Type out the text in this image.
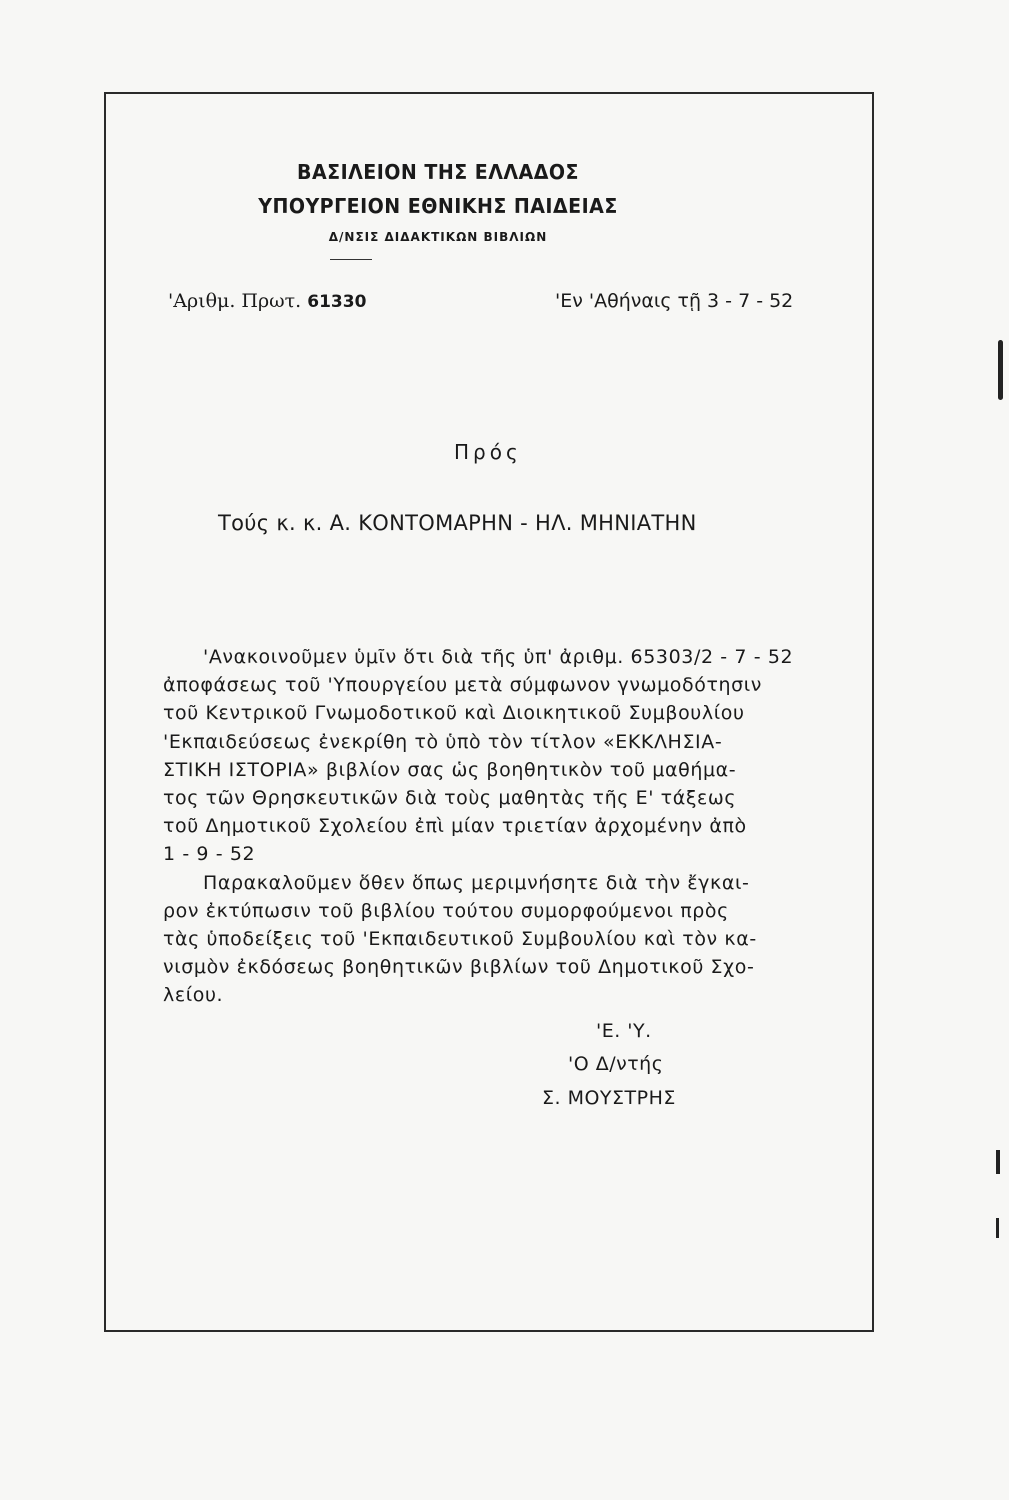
ΒΑΣΙΛΕΙΟΝ ΤΗΣ ΕΛΛΑΔΟΣ
ΥΠΟΥΡΓΕΙΟΝ ΕΘΝΙΚΗΣ ΠΑΙΔΕΙΑΣ
Δ/ΝΣΙΣ ΔΙΔΑΚΤΙΚΩΝ ΒΙΒΛΙΩΝ
'Αριθμ. Πρωτ. 61330	'Εν 'Αθήναις τῇ 3 - 7 - 52
Πρός
Τούς κ. κ. Α. ΚΟΝΤΟΜΑΡΗΝ - ΗΛ. ΜΗΝΙΑΤΗΝ
'Ανακοινοῦμεν ὑμῖν ὅτι διὰ τῆς ὑπ' ἀριθμ. 65303/2 - 7 - 52
ἀποφάσεως τοῦ 'Υπουργείου μετὰ σύμφωνον γνωμοδότησιν
τοῦ Κεντρικοῦ Γνωμοδοτικοῦ καὶ Διοικητικοῦ Συμβουλίου
'Εκπαιδεύσεως ἐνεκρίθη τὸ ὑπὸ τὸν τίτλον «ΕΚΚΛΗΣΙΑ-
ΣΤΙΚΗ ΙΣΤΟΡΙΑ» βιβλίον σας ὡς βοηθητικὸν τοῦ μαθήμα-
τος τῶν Θρησκευτικῶν διὰ τοὺς μαθητὰς τῆς Ε' τάξεως
τοῦ Δημοτικοῦ Σχολείου ἐπὶ μίαν τριετίαν ἀρχομένην ἀπὸ
1 - 9 - 52
Παρακαλοῦμεν ὅθεν ὅπως μεριμνήσητε διὰ τὴν ἔγκαι-
ρον ἐκτύπωσιν τοῦ βιβλίου τούτου συμορφούμενοι πρὸς
τὰς ὑποδείξεις τοῦ 'Εκπαιδευτικοῦ Συμβουλίου καὶ τὸν κα-
νισμὸν ἐκδόσεως βοηθητικῶν βιβλίων τοῦ Δημοτικοῦ Σχο-
λείου.
'Ε. 'Υ.
'Ο Δ/ντής
Σ. ΜΟΥΣΤΡΗΣ
